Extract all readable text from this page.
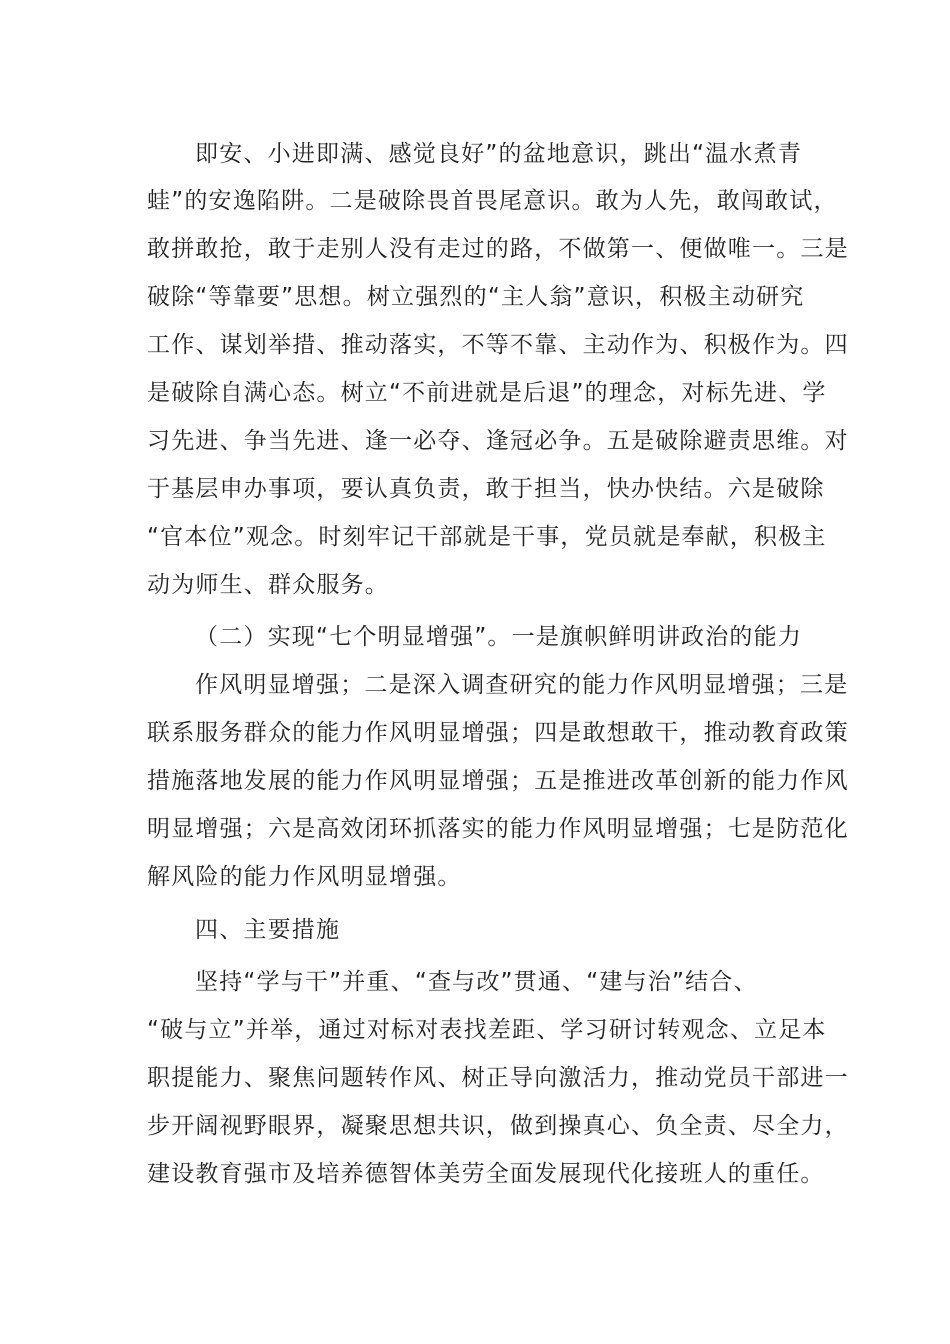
即安、小进即满、感觉良好”的盆地意识，跳出“温水煮青

蛙”的安逸陷阱。二是破除畏首畏尾意识。敢为人先，敢闯敢试，

敢拼敢抢，敢于走别人没有走过的路，不做第一、便做唯一。三是

破除“等靠要”思想。树立强烈的“主人翁”意识，积极主动研究

工作、谋划举措、推动落实，不等不靠、主动作为、积极作为。四

是破除自满心态。树立“不前进就是后退”的理念，对标先进、学

习先进、争当先进、逢一必夺、逢冠必争。五是破除避责思维。对

于基层申办事项，要认真负责，敢于担当，快办快结。六是破除

“官本位”观念。时刻牢记干部就是干事，党员就是奉献，积极主

动为师生、群众服务。

（二）实现“七个明显增强”。一是旗帜鲜明讲政治的能力

作风明显增强；二是深入调查研究的能力作风明显增强；三是

联系服务群众的能力作风明显增强；四是敢想敢干，推动教育政策

措施落地发展的能力作风明显增强；五是推进改革创新的能力作风

明显增强；六是高效闭环抓落实的能力作风明显增强；七是防范化

解风险的能力作风明显增强。

四、主要措施

坚持“学与干”并重、“查与改”贯通、“建与治”结合、

“破与立”并举，通过对标对表找差距、学习研讨转观念、立足本

职提能力、聚焦问题转作风、树正导向激活力，推动党员干部进一

步开阔视野眼界，凝聚思想共识，做到操真心、负全责、尽全力，

建设教育强市及培养德智体美劳全面发展现代化接班人的重任。
